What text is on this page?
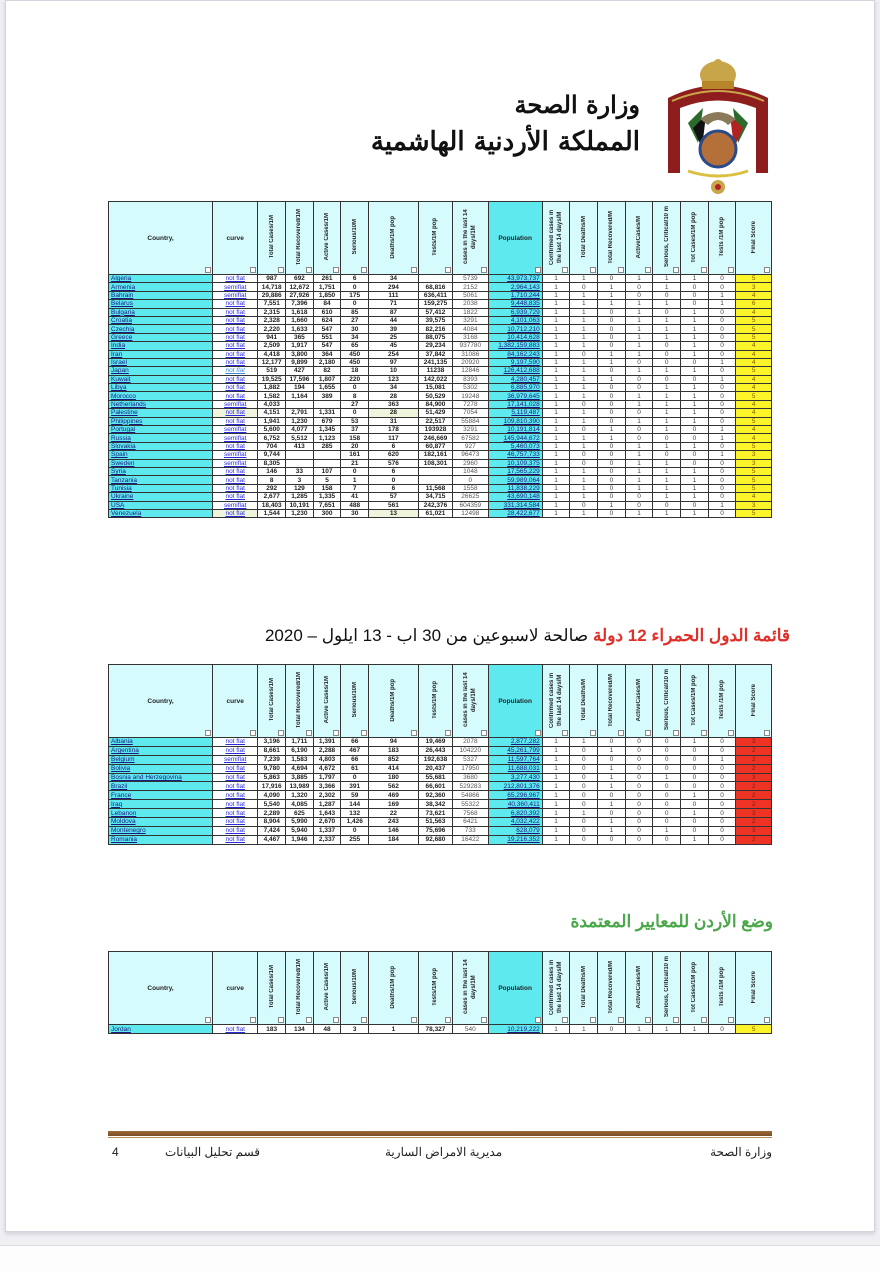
وزارة الصحة
المملكة الأردنية الهاشمية
Country,	curve	Total Cases/1M	Total Recovered/1M	Active Cases/1M	Serious/10M	Deaths/1M pop	Tests/1M pop	cases in the last 14 days/1M	Population	Confirmed cases in the last 14 days/M	Total Deaths/M	Total Recovered/M	ActiveCases/M	Serious, Critical/10 m	Tot Cases/1M pop	Tests /1M pop	Final Score

Algeria	not flat	987	692	261	6	34		5739	43,973,737	1	1	0	1	1	1	0	5
Armenia	semiflat	14,718	12,672	1,751	0	294	68,816	2152	2,964,143	1	0	1	0	1	0	0	3
Bahrain	semiflat	29,886	27,926	1,850	175	111	636,411	5061	1,710,244	1	1	1	0	0	0	1	4
Belarus	not flat	7,551	7,396	84	0	71	159,275	2038	9,448,835	1	1	1	1	1	0	1	6
Bulgaria	not flat	2,315	1,618	610	85	87	57,412	1822	6,939,729	1	1	0	1	0	1	0	4
Croatia	not flat	2,328	1,660	624	27	44	39,575	3291	4,101,063	1	1	0	1	1	1	0	5
Czechia	not flat	2,220	1,633	547	30	39	82,216	4084	10,712,210	1	1	0	1	1	1	0	5
Greece	not flat	941	365	551	34	25	88,075	3168	10,414,628	1	1	0	1	1	1	0	5
India	not flat	2,509	1,917	547	65	45	29,234	937780	1,382,159,883	1	1	0	1	0	1	0	4
Iran	not flat	4,418	3,800	364	450	254	37,842	31086	84,162,243	1	0	1	1	0	1	0	4
Israel	not flat	12,177	9,899	2,180	450	97	241,135	20920	9,197,590	1	1	1	0	0	0	1	4
Japan	not flat	519	427	82	18	10	11238	12846	126,412,688	1	1	0	1	1	1	0	5
Kuwait	not flat	19,525	17,596	1,807	220	123	142,022	8393	4,280,457	1	1	1	0	0	0	1	4
Libya	not flat	1,882	194	1,655	0	34	15,081	5302	6,885,970	1	1	0	0	1	1	0	4
Morocco	not flat	1,582	1,164	389	8	28	50,529	19248	36,979,645	1	1	0	1	1	1	0	5
Netherlands	semiflat	4,033			27	363	84,900	7278	17,141,028	1	0	0	1	1	1	0	4
Palestine	not flat	4,151	2,791	1,331	0	28	51,429	7054	5,119,487	1	1	0	0	1	1	0	4
Philippines	not flat	1,941	1,230	679	53	31	22,517	55884	109,810,390	1	1	0	1	1	1	0	5
Portugal	semiflat	5,600	4,077	1,345	37	178	193928	3291	10,191,814	1	0	1	0	1	0	1	4
Russia	semiflat	6,752	5,512	1,123	158	117	246,669	67582	145,944,672	1	1	1	0	0	0	1	4
Slovakia	not flat	704	413	285	20	6	60,877	927	5,460,073	1	1	0	1	1	1	0	5
Spain	semiflat	9,744			161	620	182,161	96473	46,757,733	1	0	0	1	0	0	1	3
Sweden	semiflat	8,305			21	576	108,301	2960	10,109,375	1	0	0	1	1	0	0	3
Syria	not flat	146	33	107	0	6		1048	17,565,229	1	1	0	1	1	1	0	5
Tanzania	not flat	8	3	5	1	0		0	59,989,064	1	1	0	1	1	1	0	5
Tunisia	not flat	292	129	158	7	6	11,568	1558	11,838,229	1	1	0	1	1	1	0	5
Ukraine	not flat	2,677	1,285	1,335	41	57	34,715	26625	43,690,148	1	1	0	0	1	1	0	4
USA	semiflat	18,403	10,191	7,651	488	561	242,376	604359	331,314,584	1	0	1	0	0	0	1	3
Venezuela	not flat	1,544	1,230	300	30	13	61,021	12498	28,422,677	1	1	0	1	1	1	0	5
قائمة الدول الحمراء 12 دولة صالحة لاسبوعين من 30 اب - 13 ايلول – 2020
Country,	curve	Total Cases/1M	Total Recovered/1M	Active Cases/1M	Serious/10M	Deaths/1M pop	Tests/1M pop	cases in the last 14 days/1M	Population	Confirmed cases in the last 14 days/M	Total Deaths/M	Total Recovered/M	ActiveCases/M	Serious, Critical/10 m	Tot Cases/1M pop	Tests /1M pop	Final Score

Albania	not flat	3,196	1,711	1,391	66	94	19,469	2078	2,877,282	1	1	0	0	0	1	0	3
Argentina	not flat	8,661	6,190	2,288	467	183	26,443	104220	45,261,799	1	0	1	0	0	0	0	2
Belgium	semiflat	7,239	1,583	4,803	66	852	192,638	5327	11,597,764	1	0	0	0	0	0	1	2
Bolivia	not flat	9,780	4,694	4,672	61	414	20,437	17950	11,688,031	1	0	1	0	0	0	0	2
Bosnia and Herzegovina	not flat	5,863	3,885	1,797	0	180	55,681	3680	3,277,430	1	0	1	0	1	0	0	3
Brazil	not flat	17,916	13,989	3,366	391	562	66,601	529283	212,801,376	1	0	1	0	0	0	0	2
France	not flat	4,090	1,320	2,302	59	469	92,360	54866	65,296,967	1	0	0	0	0	1	0	2
Iraq	not flat	5,540	4,085	1,287	144	169	38,342	55322	40,360,411	1	0	1	0	0	0	0	2
Lebanon	not flat	2,289	625	1,643	132	22	73,621	7568	6,820,392	1	1	0	0	0	1	0	3
Moldova	not flat	8,904	5,990	2,670	1,426	243	51,563	6421	4,032,422	1	0	1	0	0	0	0	2
Montenegro	not flat	7,424	5,940	1,337	0	146	75,696	733	628,079	1	0	1	0	1	0	0	3
Romania	not flat	4,467	1,946	2,337	255	184	92,680	16422	19,216,352	1	0	0	0	0	1	0	2
وضع الأردن للمعايير المعتمدة
Country,	curve	Total Cases/1M	Total Recovered/1M	Active Cases/1M	Serious/10M	Deaths/1M pop	Tests/1M pop	cases in the last 14 days/1M	Population	Confirmed cases in the last 14 days/M	Total Deaths/M	Total Recovered/M	ActiveCases/M	Serious, Critical/10 m	Tot Cases/1M pop	Tests /1M pop	Final Score

Jordan	not flat	183	134	48	3	1	78,327	540	10,219,222	1	1	0	1	1	1	0	5
وزارة الصحة
مديرية الامراض السارية
قسم تحليل البيانات
4
